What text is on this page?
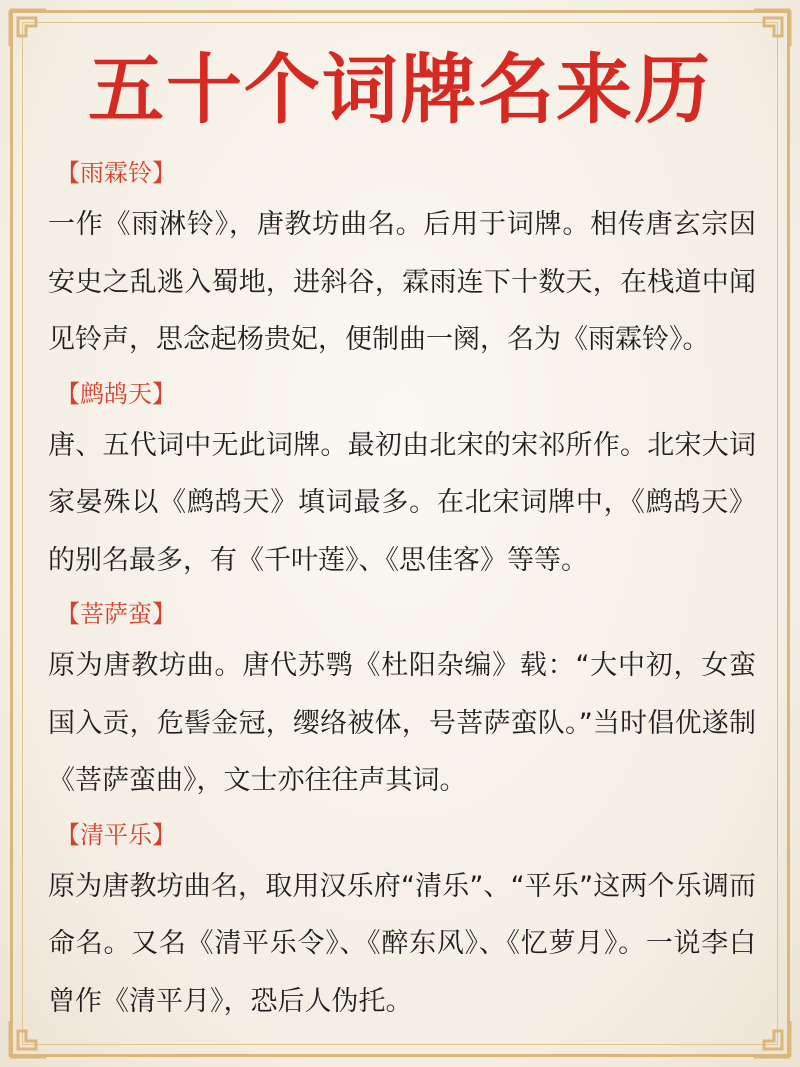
五十个词牌名来历
【雨霖铃】

一作《雨淋铃》，唐教坊曲名。后用于词牌。相传唐玄宗因安史之乱逃入蜀地，进斜谷，霖雨连下十数天，在栈道中闻见铃声，思念起杨贵妃，便制曲一阕，名为《雨霖铃》。

【鹧鸪天】

唐、五代词中无此词牌。最初由北宋的宋祁所作。北宋大词家晏殊以《鹧鸪天》填词最多。在北宋词牌中，《鹧鸪天》的别名最多，有《千叶莲》、《思佳客》等等。

【菩萨蛮】

原为唐教坊曲。唐代苏鹗《杜阳杂编》载：“大中初，女蛮国入贡，危髻金冠，缨络被体，号菩萨蛮队。”当时倡优遂制《菩萨蛮曲》，文士亦往往声其词。

【清平乐】

原为唐教坊曲名，取用汉乐府“清乐”、“平乐”这两个乐调而命名。又名《清平乐令》、《醉东风》、《忆萝月》。一说李白曾作《清平月》，恐后人伪托。
